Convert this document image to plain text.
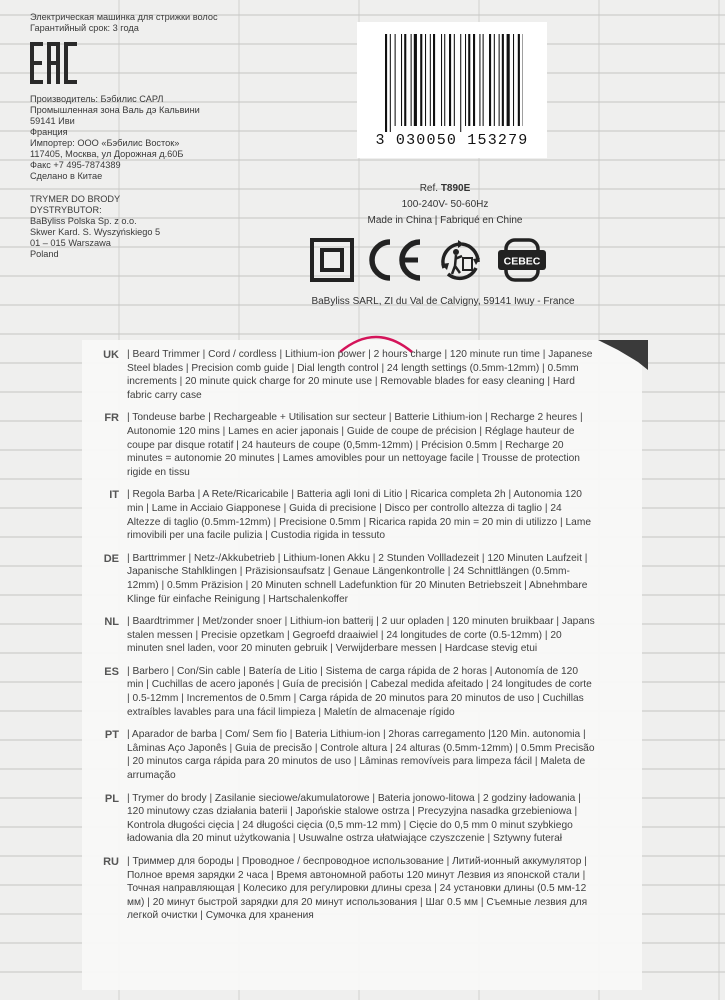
Электрическая машинка для стрижки волос

Гарантийный срок: 3 года

Производитель: Бэбилис САРЛ

Промышленная зона Валь дэ Кальвини

59141 Иви

Франция

Импортер: ООО «Бэбилис Восток»

117405, Москва, ул Дорожная д.60Б

Факс +7 495-7874389

Сделано в Китае

TRYMER DO BRODY

DYSTRYBUTOR:

BaByliss Polska Sp. z o.o.

Skwer Kard. S. Wyszyńskiego 5

01 – 015 Warszawa

Poland

3 030050 153279
Ref. T890E
100-240V- 50-60Hz
Made in China | Fabriqué en Chine
CEBEC
BaByliss SARL, ZI du Val de Calvigny, 59141 Iwuy - France
UK | Beard Trimmer | Cord / cordless | Lithium-ion power | 2 hours charge | 120 minute run time | Japanese Steel blades | Precision comb guide | Dial length control | 24 length settings (0.5mm-12mm) | 0.5mm increments | 20 minute quick charge for 20 minute use | Removable blades for easy cleaning | Hard fabric carry case
FR | Tondeuse barbe | Rechargeable + Utilisation sur secteur | Batterie Lithium-ion | Recharge 2 heures | Autonomie 120 mins | Lames en acier japonais | Guide de coupe de précision | Réglage hauteur de coupe par disque rotatif | 24 hauteurs de coupe (0,5mm-12mm) | Précision 0.5mm | Recharge 20 minutes = autonomie 20 minutes | Lames amovibles pour un nettoyage facile | Trousse de protection rigide en tissu
IT | Regola Barba | A Rete/Ricaricabile | Batteria agli Ioni di Litio | Ricarica completa 2h | Autonomia 120 min | Lame in Acciaio Giapponese | Guida di precisione | Disco per controllo altezza di taglio | 24 Altezze di taglio (0.5mm-12mm) | Precisione 0.5mm | Ricarica rapida 20 min = 20 min di utilizzo | Lame rimovibili per una facile pulizia | Custodia rigida in tessuto
DE | Barttrimmer | Netz-/Akkubetrieb | Lithium-Ionen Akku | 2 Stunden Vollladezeit | 120 Minuten Laufzeit | Japanische Stahlklingen | Präzisionsaufsatz | Genaue Längenkontrolle | 24 Schnittlängen (0.5mm-12mm) | 0.5mm Präzision | 20 Minuten schnell Ladefunktion für 20 Minuten Betriebszeit | Abnehmbare Klinge für einfache Reinigung | Hartschalenkoffer
NL | Baardtrimmer | Met/zonder snoer | Lithium-ion batterij | 2 uur opladen | 120 minuten bruikbaar | Japans stalen messen | Precisie opzetkam | Gegroefd draaiwiel | 24 longitudes de corte (0.5-12mm) | 20 minuten snel laden, voor 20 minuten gebruik | Verwijderbare messen | Hardcase stevig etui
ES | Barbero | Con/Sin cable | Batería de Litio | Sistema de carga rápida de 2 horas | Autonomía de 120 min | Cuchillas de acero japonés | Guía de precisión | Cabezal medida afeitado | 24 longitudes de corte | 0.5-12mm | Incrementos de 0.5mm | Carga rápida de 20 minutos para 20 minutos de uso | Cuchillas extraíbles lavables para una fácil limpieza | Maletín de almacenaje rígido
PT | Aparador de barba | Com/ Sem fio | Bateria Lithium-ion | 2horas carregamento |120 Min. autonomia | Lâminas Aço Japonês | Guia de precisão | Controle altura | 24 alturas (0.5mm-12mm) | 0.5mm Precisão | 20 minutos carga rápida para 20 minutos de uso | Lâminas removíveis para limpeza fácil | Maleta de arrumação
PL | Trymer do brody | Zasilanie sieciowe/akumulatorowe | Bateria jonowo-litowa | 2 godziny ładowania | 120 minutowy czas działania baterii | Japońskie stalowe ostrza | Precyzyjna nasadka grzebieniowa | Kontrola długości cięcia | 24 długości cięcia (0,5 mm-12 mm) | Cięcie do 0,5 mm 0 minut szybkiego ładowania dla 20 minut użytkowania | Usuwalne ostrza ułatwiające czyszczenie | Sztywny futerał
RU | Триммер для бороды | Проводное / беспроводное использование | Литий-ионный аккумулятор | Полное время зарядки 2 часа | Время автономной работы 120 минут Лезвия из японской стали | Точная направляющая | Колесико для регулировки длины среза | 24 установки длины (0.5 мм-12 мм) | 20 минут быстрой зарядки для 20 минут использования | Шаг 0.5 мм | Съемные лезвия для легкой очистки | Сумочка для хранения
